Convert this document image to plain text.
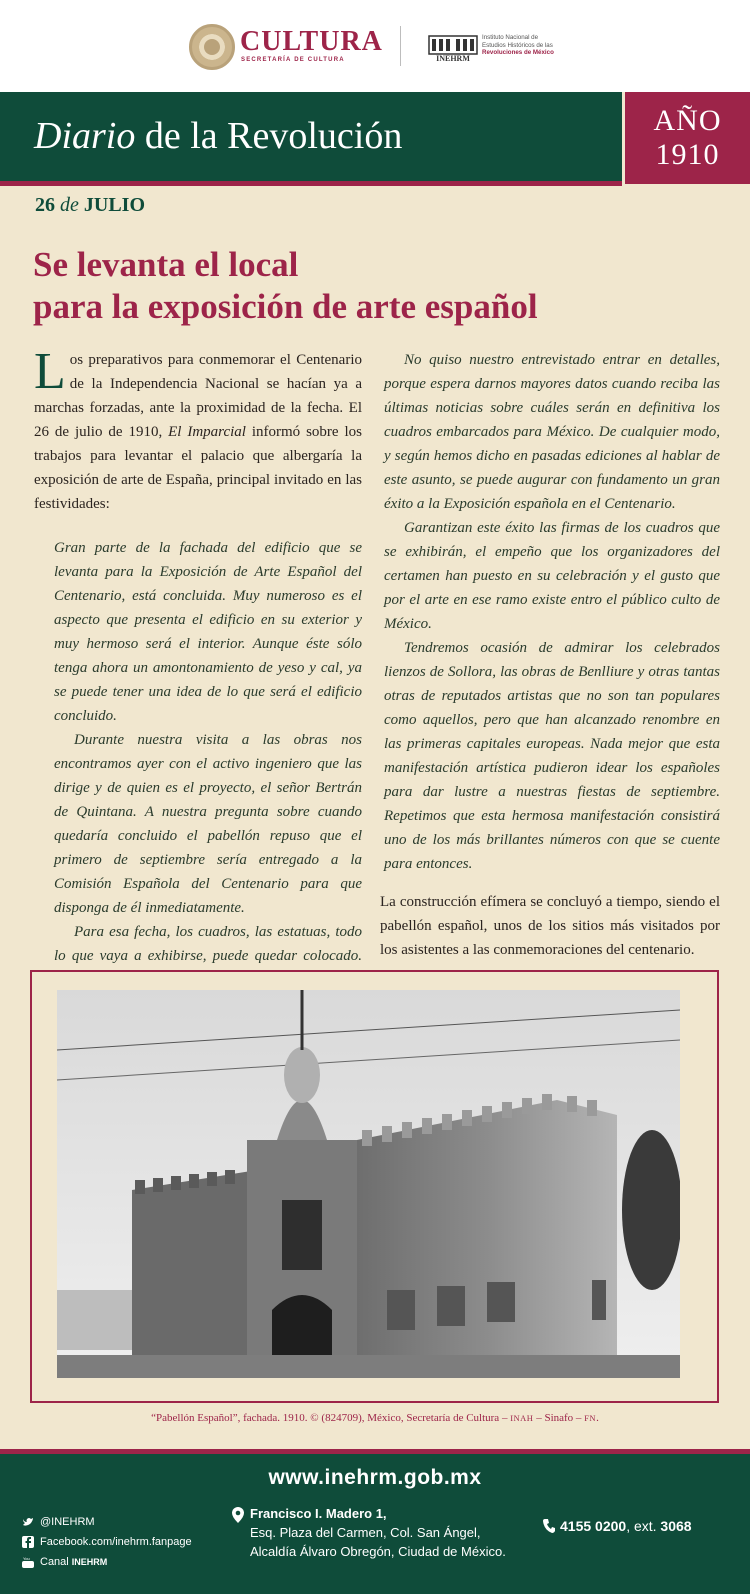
CULTURA
SECRETARÍA DE CULTURA	INEHRM
Instituto Nacional de
Estudios Históricos de las
Revoluciones de México
Diario de la Revolución	AÑO
1910
26 de JULIO
Se levanta el local
para la exposición de arte español

Los preparativos para conmemorar el Centenario de la Independencia Nacional se hacían ya a marchas forzadas, ante la proximidad de la fecha. El 26 de julio de 1910, El Imparcial informó sobre los trabajos para levantar el palacio que albergaría la exposición de arte de España, principal invitado en las festividades:

Gran parte de la fachada del edificio que se levanta para la Exposición de Arte Español del Centenario, está concluida. Muy numeroso es el aspecto que presenta el edificio en su exterior y muy hermoso será el interior. Aunque éste sólo tenga ahora un amontonamiento de yeso y cal, ya se puede tener una idea de lo que será el edificio concluido.

Durante nuestra visita a las obras nos encontramos ayer con el activo ingeniero que las dirige y de quien es el proyecto, el señor Bertrán de Quintana. A nuestra pregunta sobre cuando quedaría concluido el pabellón repuso que el primero de septiembre sería entregado a la Comisión Española del Centenario para que disponga de él inmediatamente.

Para esa fecha, los cuadros, las estatuas, todo lo que vaya a exhibirse, puede quedar colocado.

No quiso nuestro entrevistado entrar en detalles, porque espera darnos mayores datos cuando reciba las últimas noticias sobre cuáles serán en definitiva los cuadros embarcados para México. De cualquier modo, y según hemos dicho en pasadas ediciones al hablar de este asunto, se puede augurar con fundamento un gran éxito a la Exposición española en el Centenario.

Garantizan este éxito las firmas de los cuadros que se exhibirán, el empeño que los organizadores del certamen han puesto en su celebración y el gusto que por el arte en ese ramo existe entro el público culto de México.

Tendremos ocasión de admirar los celebrados lienzos de Sollora, las obras de Benlliure y otras tantas otras de reputados artistas que no son tan populares como aquellos, pero que han alcanzado renombre en las primeras capitales europeas. Nada mejor que esta manifestación artística pudieron idear los españoles para dar lustre a nuestras fiestas de septiembre. Repetimos que esta hermosa manifestación consistirá uno de los más brillantes números con que se cuente para entonces.

La construcción efímera se concluyó a tiempo, siendo el pabellón español, unos de los sitios más visitados por los asistentes a las conmemoraciones del centenario.

“Pabellón Español”, fachada. 1910. © (824709), México, Secretaría de Cultura – INAH – Sinafo – FN.
www.inehrm.gob.mx
@INEHRM
Facebook.com/inehrm.fanpage
You Canal INEHRM
Francisco I. Madero 1,
Esq. Plaza del Carmen, Col. San Ángel,
Alcaldía Álvaro Obregón, Ciudad de México.
4155 0200, ext. 3068
